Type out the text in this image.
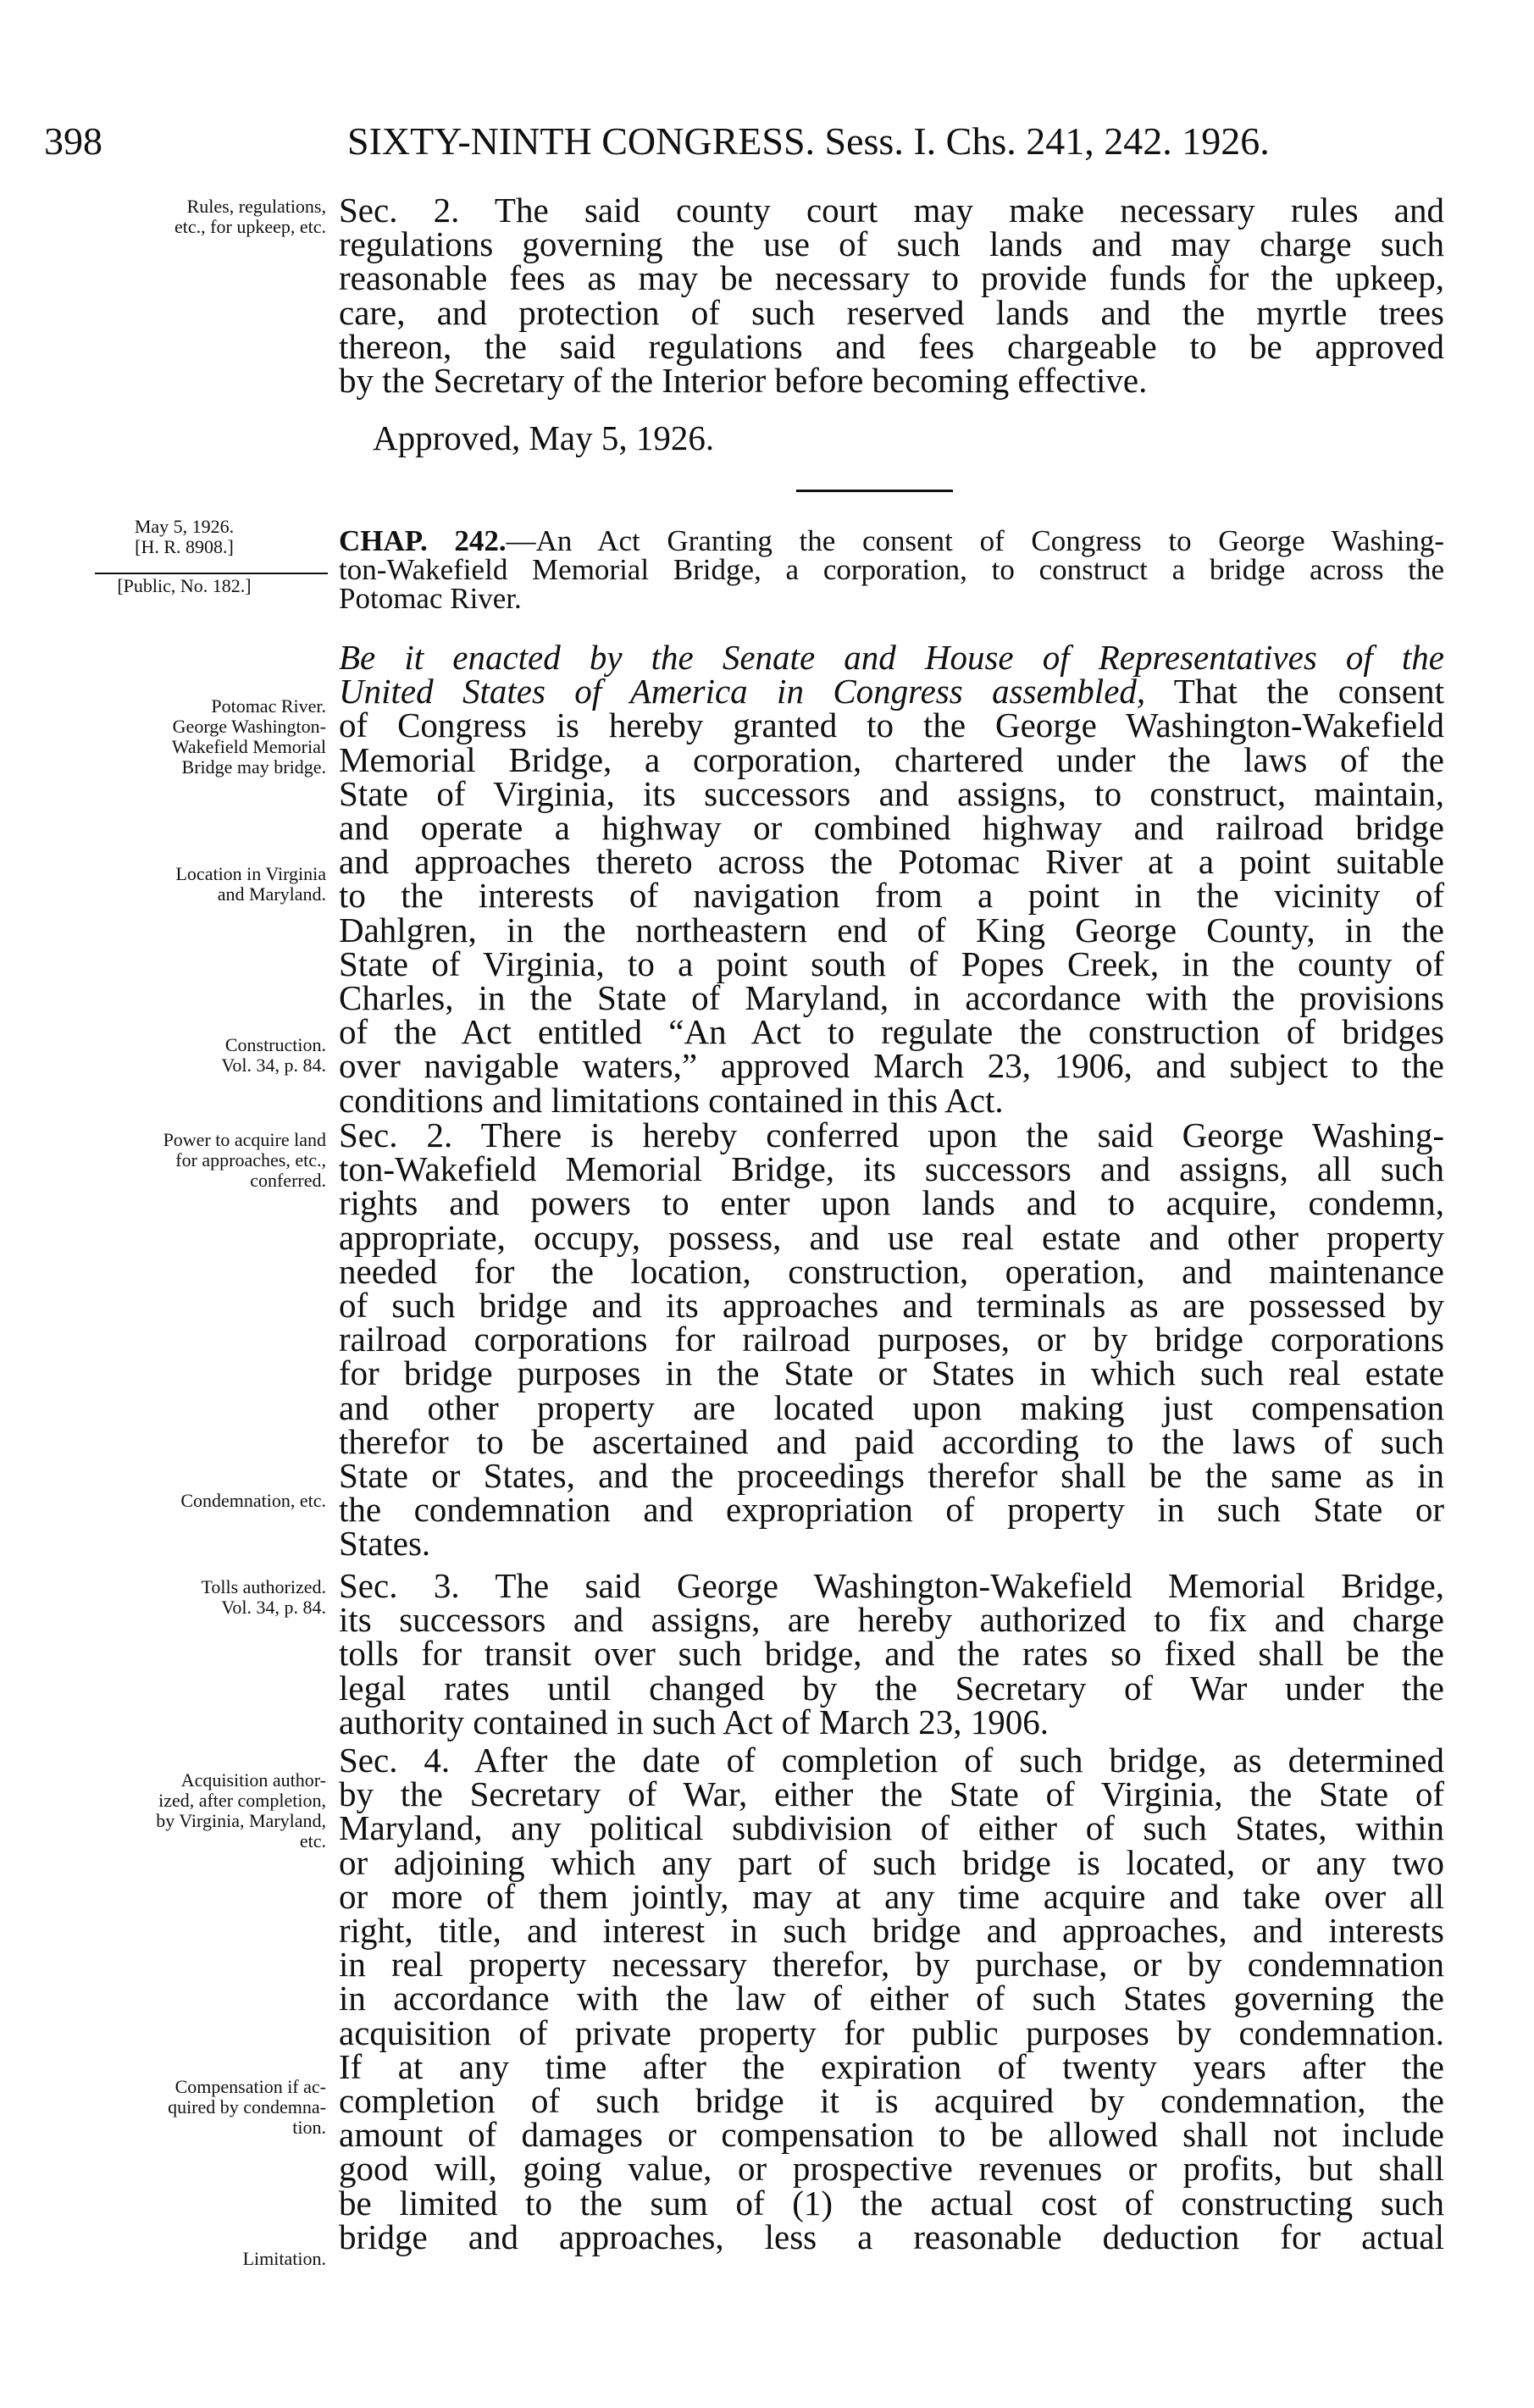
398	SIXTY-NINTH CONGRESS. Sess. I. Chs. 241, 242. 1926.
Rules, regulations,
etc., for upkeep, etc.
May 5, 1926.
[H. R. 8908.]
[Public, No. 182.]
Potomac River.
George Washington-
Wakefield Memorial
Bridge may bridge.
Location in Virginia
and Maryland.
Construction.
Vol. 34, p. 84.
Power to acquire land
for approaches, etc.,
conferred.
Condemnation, etc.
Tolls authorized.
Vol. 34, p. 84.
Acquisition author-
ized, after completion,
by Virginia, Maryland,
etc.
Compensation if ac-
quired by condemna-
tion.
Limitation.
Sec. 2. The said county court may make necessary rules and
regulations governing the use of such lands and may charge such
reasonable fees as may be necessary to provide funds for the upkeep,
care, and protection of such reserved lands and the myrtle trees
thereon, the said regulations and fees chargeable to be approved
by the Secretary of the Interior before becoming effective.
Approved, May 5, 1926.
CHAP. 242.—An Act Granting the consent of Congress to George Washing-
ton-Wakefield Memorial Bridge, a corporation, to construct a bridge across the
Potomac River.
Be it enacted by the Senate and House of Representatives of the
United States of America in Congress assembled, That the consent
of Congress is hereby granted to the George Washington-Wakefield
Memorial Bridge, a corporation, chartered under the laws of the
State of Virginia, its successors and assigns, to construct, maintain,
and operate a highway or combined highway and railroad bridge
and approaches thereto across the Potomac River at a point suitable
to the interests of navigation from a point in the vicinity of
Dahlgren, in the northeastern end of King George County, in the
State of Virginia, to a point south of Popes Creek, in the county of
Charles, in the State of Maryland, in accordance with the provisions
of the Act entitled “An Act to regulate the construction of bridges
over navigable waters,” approved March 23, 1906, and subject to the
conditions and limitations contained in this Act.
Sec. 2. There is hereby conferred upon the said George Washing-
ton-Wakefield Memorial Bridge, its successors and assigns, all such
rights and powers to enter upon lands and to acquire, condemn,
appropriate, occupy, possess, and use real estate and other property
needed for the location, construction, operation, and maintenance
of such bridge and its approaches and terminals as are possessed by
railroad corporations for railroad purposes, or by bridge corporations
for bridge purposes in the State or States in which such real estate
and other property are located upon making just compensation
therefor to be ascertained and paid according to the laws of such
State or States, and the proceedings therefor shall be the same as in
the condemnation and expropriation of property in such State or
States.
Sec. 3. The said George Washington-Wakefield Memorial Bridge,
its successors and assigns, are hereby authorized to fix and charge
tolls for transit over such bridge, and the rates so fixed shall be the
legal rates until changed by the Secretary of War under the
authority contained in such Act of March 23, 1906.
Sec. 4. After the date of completion of such bridge, as determined
by the Secretary of War, either the State of Virginia, the State of
Maryland, any political subdivision of either of such States, within
or adjoining which any part of such bridge is located, or any two
or more of them jointly, may at any time acquire and take over all
right, title, and interest in such bridge and approaches, and interests
in real property necessary therefor, by purchase, or by condemnation
in accordance with the law of either of such States governing the
acquisition of private property for public purposes by condemnation.
If at any time after the expiration of twenty years after the
completion of such bridge it is acquired by condemnation, the
amount of damages or compensation to be allowed shall not include
good will, going value, or prospective revenues or profits, but shall
be limited to the sum of (1) the actual cost of constructing such
bridge and approaches, less a reasonable deduction for actual
